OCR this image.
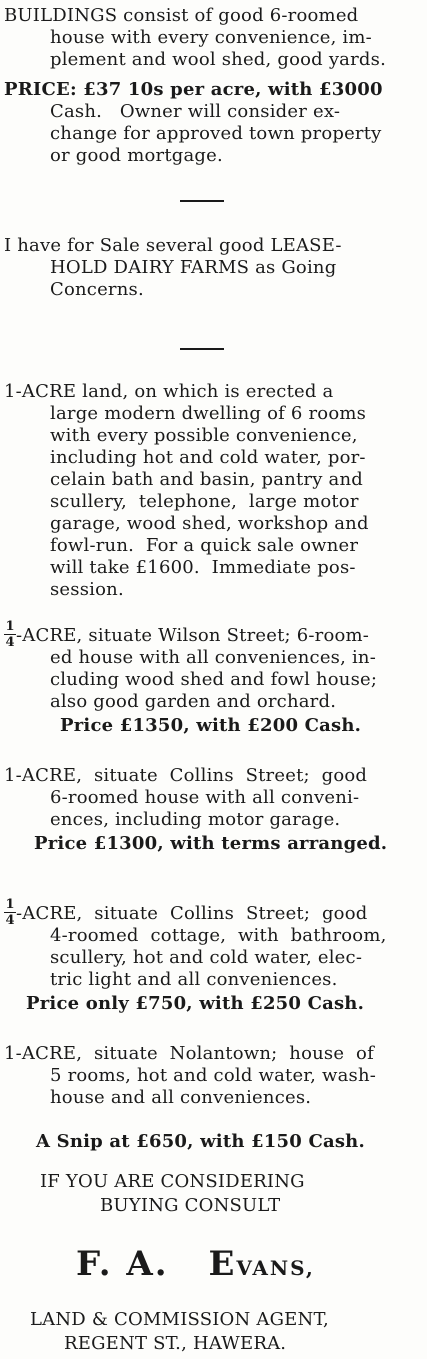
BUILDINGS consist of good 6-roomed
house with every convenience, im-
plement and wool shed, good yards.
PRICE: £37 10s per acre, with £3000
Cash.   Owner will consider ex-
change for approved town property
or good mortgage.
I have for Sale several good LEASE-
HOLD DAIRY FARMS as Going
Concerns.
1-ACRE land, on which is erected a
large modern dwelling of 6 rooms
with every possible convenience,
including hot and cold water, por-
celain bath and basin, pantry and
scullery,  telephone,  large motor
garage, wood shed, workshop and
fowl-run.  For a quick sale owner
will take £1600.  Immediate pos-
session.
1
4 -ACRE, situate Wilson Street; 6-room-
ed house with all conveniences, in-
cluding wood shed and fowl house;
also good garden and orchard.
Price £1350, with £200 Cash.
1-ACRE,  situate  Collins  Street;  good
6-roomed house with all conveni-
ences, including motor garage.
Price £1300, with terms arranged.
1
4 -ACRE,  situate  Collins  Street;  good
4-roomed  cottage,  with  bathroom,
scullery, hot and cold water, elec-
tric light and all conveniences.
Price only £750, with £250 Cash.
1-ACRE,  situate  Nolantown;  house  of
5 rooms, hot and cold water, wash-
house and all conveniences.
A Snip at £650, with £150 Cash.
IF YOU ARE CONSIDERING
BUYING CONSULT
F. A. EVANS,
LAND & COMMISSION AGENT,
REGENT ST., HAWERA.
